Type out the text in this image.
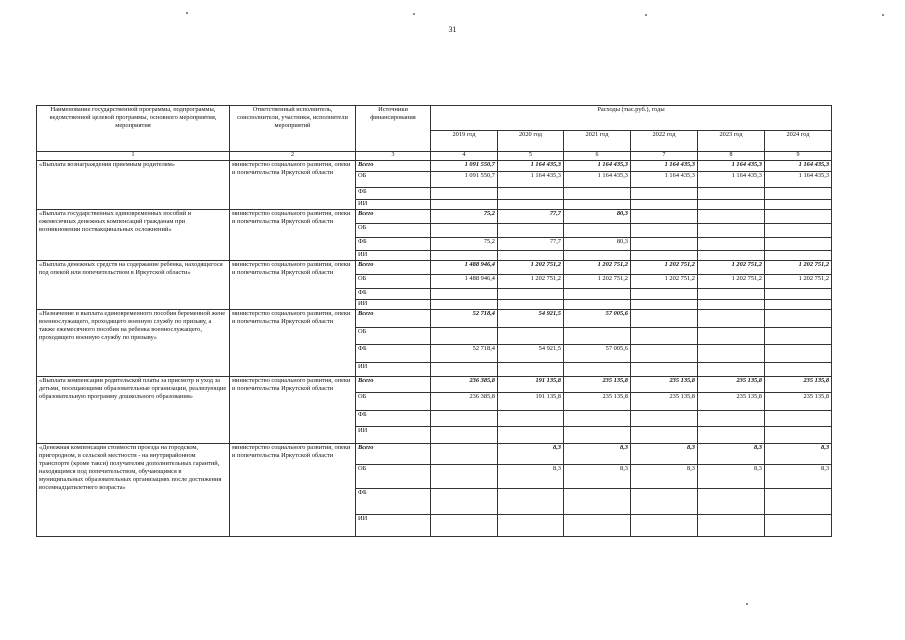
31
Наименование государственной программы, подпрограммы, ведомственной целевой программы, основного мероприятия, мероприятия	Ответственный исполнитель, соисполнители, участники, исполнители мероприятий	Источники финансирования	Расходы (тыс.руб.), годы					
			2019 год	2020 год	2021 год	2022 год	2023 год	2024 год
1	2	3	4	5	6	7	8	9
«Выплата вознаграждения приемным родителям»	министерство социального развития, опеки и попечительства Иркутской области	Всего	1 091 550,7	1 164 435,3	1 164 435,3	1 164 435,3	1 164 435,3	1 164 435,3
		ОБ	1 091 550,7	1 164 435,3	1 164 435,3	1 164 435,3	1 164 435,3	1 164 435,3
		ФБ						
		ИИ						
«Выплата государственных единовременных пособий и ежемесячных денежных компенсаций гражданам при возникновении поствакцинальных осложнений»	министерство социального развития, опеки и попечительства Иркутской области	Всего	75,2	77,7	80,3			
		ОБ						
		ФБ	75,2	77,7	80,3			
		ИИ						
«Выплата денежных средств на содержание ребенка, находящегося под опекой или попечительством в Иркутской области»	министерство социального развития, опеки и попечительства Иркутской области	Всего	1 488 946,4	1 202 751,2	1 202 751,2	1 202 751,2	1 202 751,2	1 202 751,2
		ОБ	1 488 946,4	1 202 751,2	1 202 751,2	1 202 751,2	1 202 751,2	1 202 751,2
		ФБ						
		ИИ						
«Назначение и выплата единовременного пособия беременной жене военнослужащего, проходящего военную службу по призыву, а также ежемесячного пособия на ребенка военнослужащего, проходящего военную службу по призыву»	министерство социального развития, опеки и попечительства Иркутской области	Всего	52 718,4	54 921,5	57 005,6			
		ОБ						
		ФБ	52 718,4	54 921,5	57 005,6			
		ИИ						
«Выплата компенсации родительской платы за присмотр и уход за детьми, посещающими образовательные организации, реализующие образовательную программу дошкольного образования»	министерство социального развития, опеки и попечительства Иркутской области	Всего	236 385,8	191 135,8	235 135,8	235 135,8	235 135,8	235 135,8
		ОБ	236 385,8	191 135,8	235 135,8	235 135,8	235 135,8	235 135,8
		ФБ						
		ИИ						
«Денежная компенсация стоимости проезда на городском, пригородном, в сельской местности - на внутрирайонном транспорте (кроме такси) получателям дополнительных гарантий, находящимся под попечительством, обучающимся в муниципальных образовательных организациях после достижения восемнадцатилетнего возраста»	министерство социального развития, опеки и попечительства Иркутской области	Всего		8,3	8,3	8,3	8,3	8,3
		ОБ		8,3	8,3	8,3	8,3	8,3
		ФБ						
		ИИ						
